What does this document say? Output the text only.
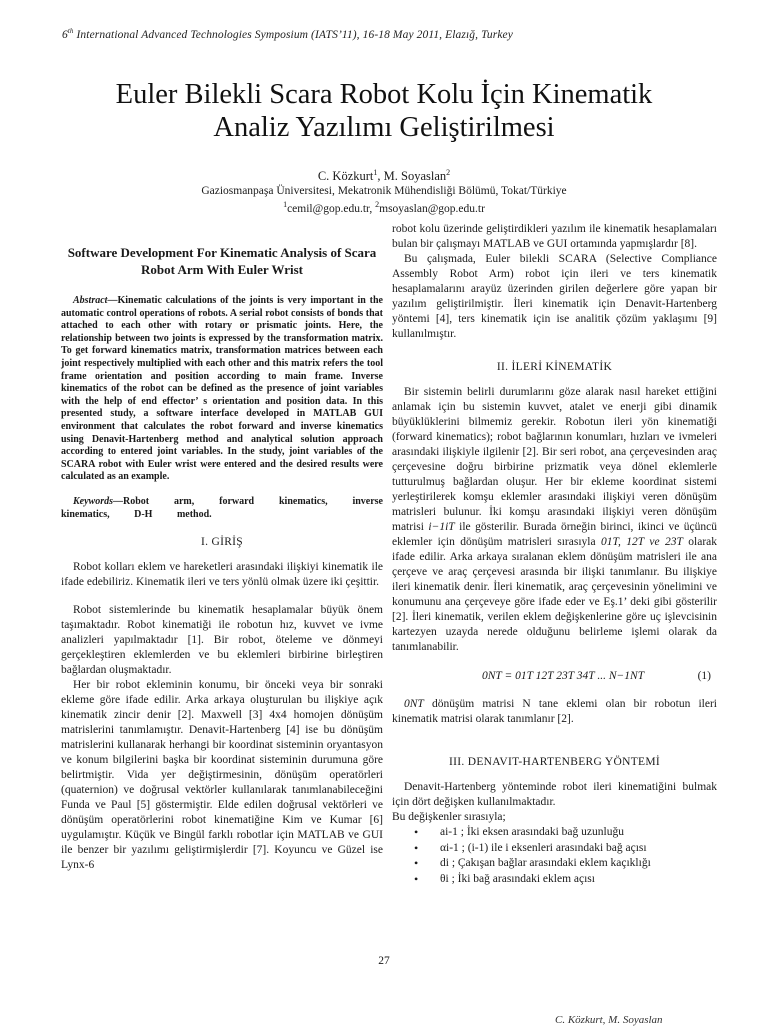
6th International Advanced Technologies Symposium (IATS’11), 16-18 May 2011, Elazığ, Turkey
Euler Bilekli Scara Robot Kolu İçin Kinematik
Analiz Yazılımı Geliştirilmesi
C. Közkurt$^1$, M. Soyaslan$^2$
Gaziosmanpaşa Üniversitesi, Mekatronik Mühendisliği Bölümü, Tokat/Türkiye
$^1$cemil@gop.edu.tr, $^2$msoyaslan@gop.edu.tr
Software Development For Kinematic Analysis of Scara Robot Arm With Euler Wrist

Abstract—Kinematic calculations of the joints is very important in the automatic control operations of robots. A serial robot consists of bonds that attached to each other with rotary or prismatic joints. Here, the relationship between two joints is expressed by the transformation matrix. To get forward kinematics matrix, transformation matrices between each joint respectively multiplied with each other and this matrix refers the tool frame orientation and position according to main frame. Inverse kinematics of the robot can be defined as the presence of joint variables with the help of end effector’ s orientation and position data. In this presented study, a software interface developed in MATLAB GUI environment that calculates the robot forward and inverse kinematics using Denavit-Hartenberg method and analytical solution approach according to entered joint variables. In the study, joint variables of the SCARA robot with Euler wrist were entered and the desired results were calculated as an example.

Keywords—Robot arm, forward kinematics, inverse kinematics, D-H method.

I. GİRİŞ

Robot kolları eklem ve hareketleri arasındaki ilişkiyi kinematik ile ifade edebiliriz. Kinematik ileri ve ters yönlü olmak üzere iki çeşittir.

Robot sistemlerinde bu kinematik hesaplamalar büyük önem taşımaktadır. Robot kinematiği ile robotun hız, kuvvet ve ivme analizleri yapılmaktadır [1]. Bir robot, öteleme ve dönmeyi gerçekleştiren eklemlerden ve bu eklemleri birbirine birleştiren bağlardan oluşmaktadır.

Her bir robot ekleminin konumu, bir önceki veya bir sonraki ekleme göre ifade edilir. Arka arkaya oluşturulan bu ilişkiye açık kinematik zincir denir [2]. Maxwell [3] 4x4 homojen dönüşüm matrislerini tanımlamıştır. Denavit-Hartenberg [4] ise bu dönüşüm matrislerini kullanarak herhangi bir koordinat sisteminin oryantasyon ve konum bilgilerini başka bir koordinat sisteminin durumuna göre belirtmiştir. Vida yer değiştirmesinin, dönüşüm operatörleri (quaternion) ve doğrusal vektörler kullanılarak tanımlanabileceğini Funda ve Paul [5] göstermiştir. Elde edilen doğrusal vektörleri ve dönüşüm operatörlerini robot kinematiğine Kim ve Kumar [6] uygulamıştır. Küçük ve Bingül farklı robotlar için MATLAB ve GUI ile benzer bir yazılımı geliştirmişlerdir [7]. Koyuncu ve Güzel ise Lynx-6

robot kolu üzerinde geliştirdikleri yazılım ile kinematik hesaplamaları bulan bir çalışmayı MATLAB ve GUI ortamında yapmışlardır [8].

Bu çalışmada, Euler bilekli SCARA (Selective Compliance Assembly Robot Arm) robot için ileri ve ters kinematik hesaplamalarını arayüz üzerinden girilen değerlere göre yapan bir yazılım geliştirilmiştir. İleri kinematik için Denavit-Hartenberg yöntemi [4], ters kinematik için ise analitik çözüm yaklaşımı [9] kullanılmıştır.

II. İLERİ KİNEMATİK

Bir sistemin belirli durumlarını göze alarak nasıl hareket ettiğini anlamak için bu sistemin kuvvet, atalet ve enerji gibi dinamik büyüklüklerini bilmemiz gerekir. Robotun ileri yön kinematiği (forward kinematics); robot bağlarının konumları, hızları ve ivmeleri arasındaki ilişkiyle ilgilenir [2]. Bir seri robot, ana çerçevesinden araç çerçevesine doğru birbirine prizmatik veya dönel eklemlerle tutturulmuş bağlardan oluşur. Her bir ekleme koordinat sistemi yerleştirilerek komşu eklemler arasındaki ilişkiyi veren dönüşüm matrisleri bulunur. İki komşu arasındaki ilişkiyi veren dönüşüm matrisi i−1iT ile gösterilir. Burada örneğin birinci, ikinci ve üçüncü eklemler için dönüşüm matrisleri sırasıyla 01T, 12T ve 23T olarak ifade edilir. Arka arkaya sıralanan eklem dönüşüm matrisleri ile ana çerçeve ve araç çerçevesi arasında bir ilişki tanımlanır. Bu ilişkiye ileri kinematik denir. İleri kinematik, araç çerçevesinin yönelimini ve konumunu ana çerçeveye göre ifade eder ve Eş.1’ deki gibi gösterilir [2]. İleri kinematik, verilen eklem değişkenlerine göre uç işlevcisinin kartezyen uzayda nerede olduğunu belirleme işlemi olarak da tanımlanabilir.

0NT = 01T 12T 23T 34T ... N−1NT	(1)

0NT dönüşüm matrisi N tane eklemi olan bir robotun ileri kinematik matrisi olarak tanımlanır [2].

III. DENAVIT-HARTENBERG YÖNTEMİ

Denavit-Hartenberg yönteminde robot ileri kinematiğini bulmak için dört değişken kullanılmaktadır.

Bu değişkenler sırasıyla;

• ai-1 ; İki eksen arasındaki bağ uzunluğu
• αi-1 ; (i-1) ile i eksenleri arasındaki bağ açısı
• di ; Çakışan bağlar arasındaki eklem kaçıklığı
• θi ; İki bağ arasındaki eklem açısı
27
C. Közkurt, M. Soyaslan
